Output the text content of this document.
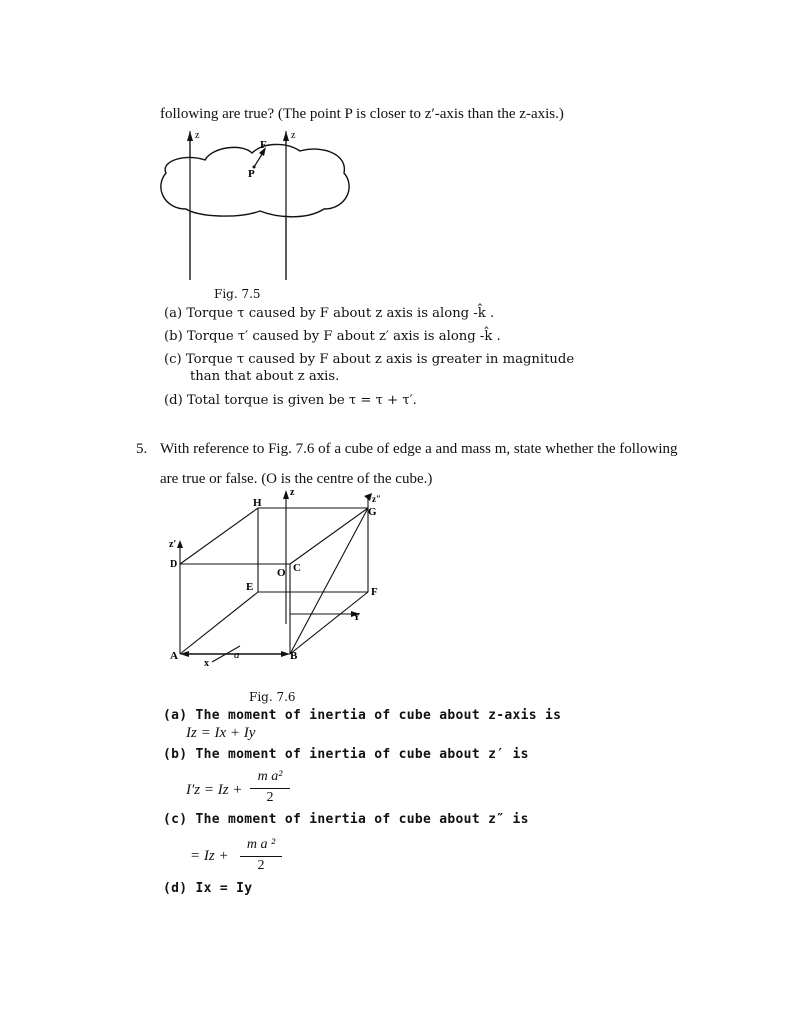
following are true? (The point P is closer to z′-axis than the z-axis.)
z	z
F
P
Fig. 7.5
(a) Torque τ caused by F about z axis is along -k̂ .
(b) Torque τ′ caused by F about z′ axis is along -k̂ .
(c) Torque τ caused by F about z axis is greater in magnitude
than that about z axis.
(d) Total torque is given be τ = τ + τ′.
5. With reference to Fig. 7.6 of a cube of edge a and mass m, state whether the following
are true or false. (O is the centre of the cube.)
z
z″
H
G
z′
D
O C
E	F
Y
A	B
x
a
Fig. 7.6
(a) The moment of inertia of cube about z-axis is
Iz = Ix + Iy
(b) The moment of inertia of cube about z′ is
I′z = Iz +
m a²
2
(c) The moment of inertia of cube about z″ is
= Iz +
m a ²
2
(d) Ix = Iy
